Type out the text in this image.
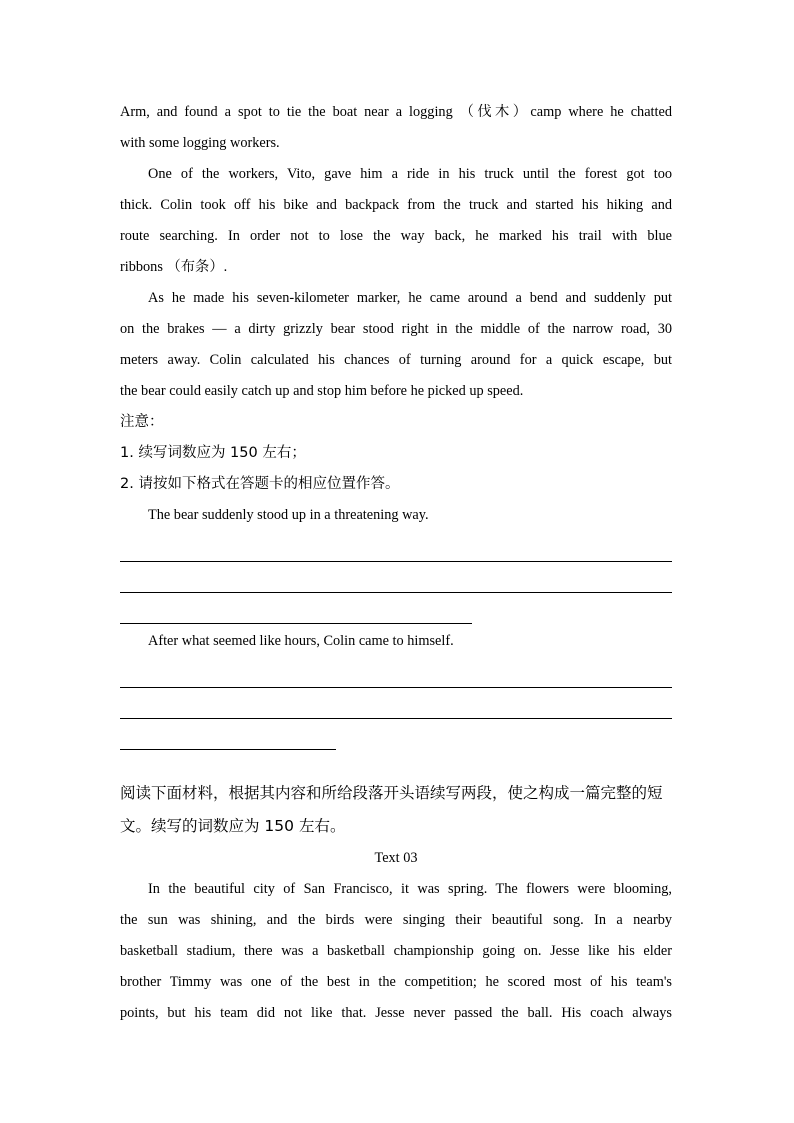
Arm, and found a spot to tie the boat near a logging （伐木）camp where he chatted

with some logging workers.

One of the workers, Vito, gave him a ride in his truck until the forest got too

thick. Colin took off his bike and backpack from the truck and started his hiking and

route searching. In order not to lose the way back, he marked his trail with blue

ribbons （布条）.

As he made his seven-kilometer marker, he came around a bend and suddenly put

on the brakes — a dirty grizzly bear stood right in the middle of the narrow road, 30

meters away. Colin calculated his chances of turning around for a quick escape, but

the bear could easily catch up and stop him before he picked up speed.

注意：

1. 续写词数应为 150 左右；

2. 请按如下格式在答题卡的相应位置作答。

The bear suddenly stood up in a threatening way.

After what seemed like hours, Colin came to himself.

阅读下面材料，根据其内容和所给段落开头语续写两段，使之构成一篇完整的短

文。续写的词数应为 150 左右。

Text 03

In the beautiful city of San Francisco, it was spring. The flowers were blooming,

the sun was shining, and the birds were singing their beautiful song. In a nearby

basketball stadium, there was a basketball championship going on. Jesse like his elder

brother Timmy was one of the best in the competition; he scored most of his team's

points, but his team did not like that. Jesse never passed the ball. His coach always
